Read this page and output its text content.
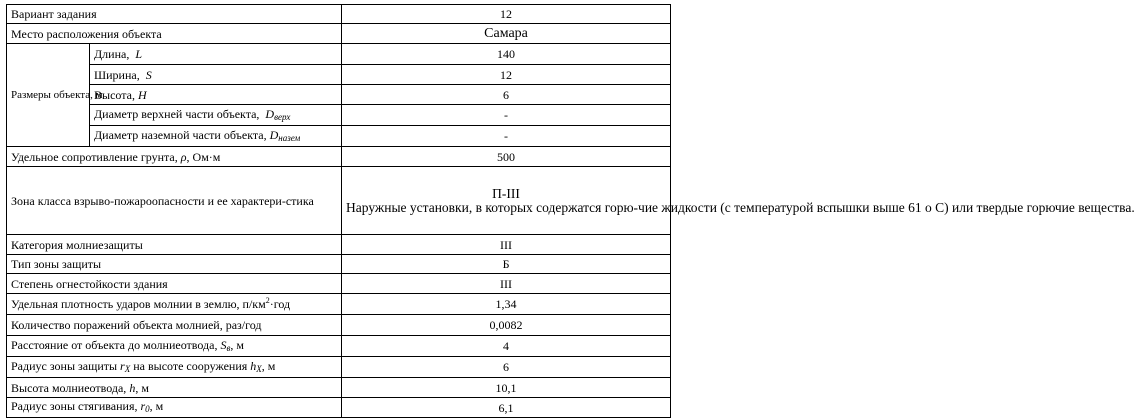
Вариант задания		12
Место расположения объекта		Самара
Размеры объекта, м	Длина, L	140
	Ширина, S	12
	Высота, H	6
	Диаметр верхней части объекта, $D_{верх}$	-
	Диаметр наземной части объекта, $D_{назем}$	-
Удельное сопротивление грунта, ρ, Ом·м		500

Зона класса взрыво-пожароопасности и ее характери-стика		П-III
Наружные установки, в которых содержатся горю-чие жидкости (с температурой вспышки выше 61 о С) или твердые горючие вещества.

Категория молниезащиты		III
Тип зоны защиты		Б
Степень огнестойкости здания		III
Удельная плотность ударов молнии в землю, $п/км^2\cdot год$		1,34
Количество поражений объекта молнией, раз/год		0,0082
Расстояние от объекта до молниеотвода, $S_в$, м		4
Радиус зоны защиты $r_X$ на высоте сооружения $h_X$, м		6
Высота молниеотвода, h, м		10,1
Радиус зоны стягивания, $r_0$, м		6,1
